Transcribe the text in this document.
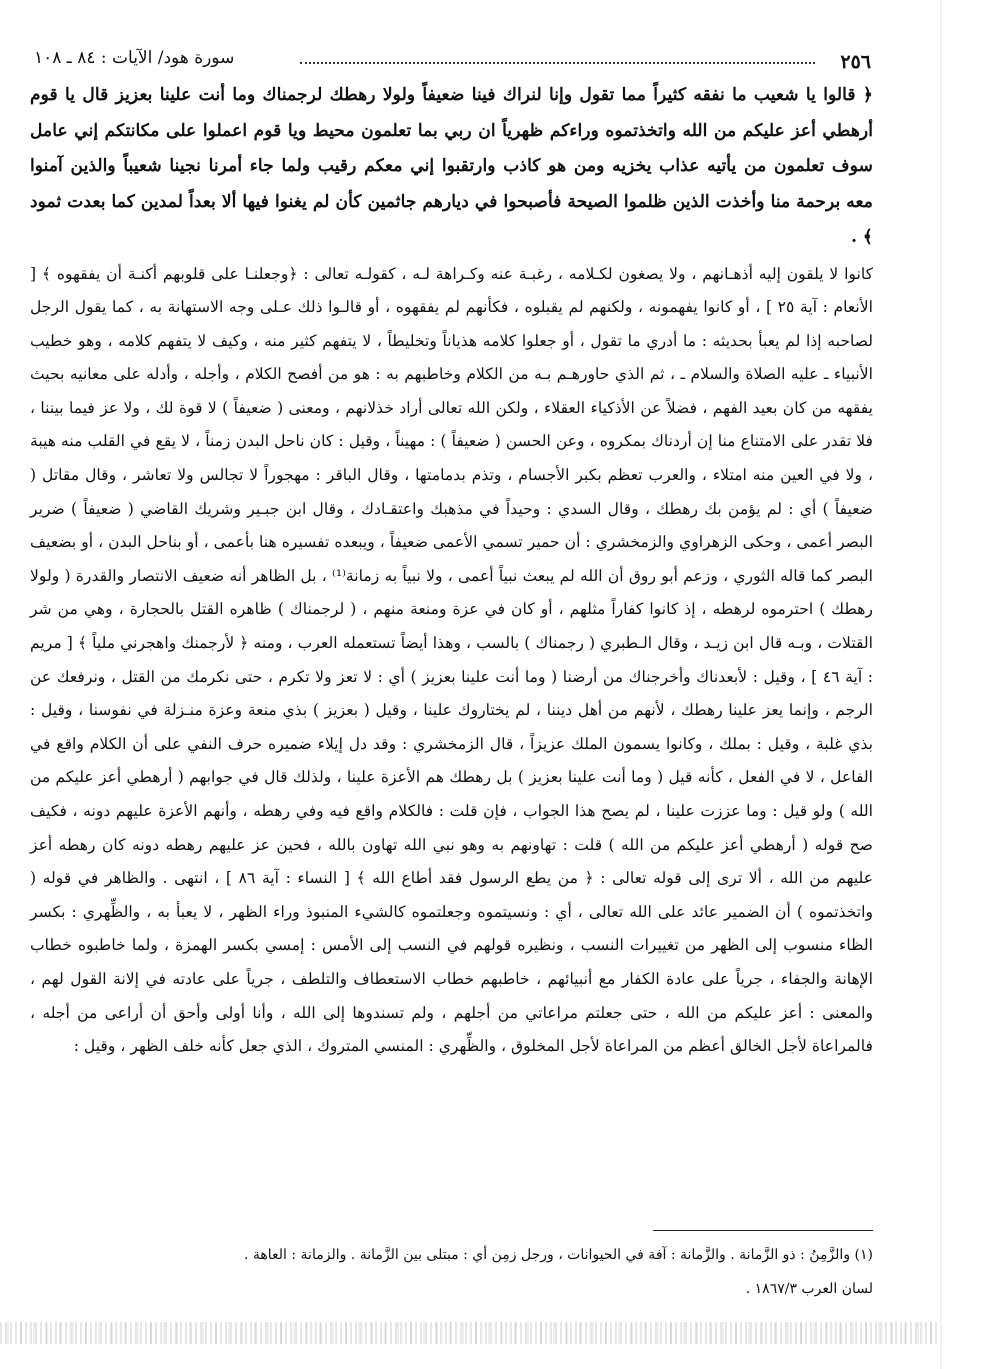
٢٥٦
سورة هود/ الآيات : ٨٤ ـ ١٠٨

﴿ قالوا يا شعيب ما نفقه كثيراً مما تقول وإنا لنراك فينا ضعيفاً ولولا رهطك لرجمناك وما أنت علينا بعزيز قال يا قوم أرهطي أعز عليكم من الله واتخذتموه وراءكم ظهرياً ان ربي بما تعلمون محيط ويا قوم اعملوا على مكانتكم إني عامل سوف تعلمون من يأتيه عذاب يخزيه ومن هو كاذب وارتقبوا إني معكم رقيب ولما جاء أمرنا نجينا شعيباً والذين آمنوا معه برحمة منا وأخذت الذين ظلموا الصيحة فأصبحوا في ديارهم جاثمين كأن لم يغنوا فيها ألا بعداً لمدين كما بعدت ثمود ﴾ .

كانوا لا يلقون إليه أذهـانهم ، ولا يصغون لكـلامه ، رغبـة عنه وكـراهة لـه ، كقولـه تعالى : ﴿وجعلنـا على قلوبهم أكنـة أن يفقهوه ﴾ [ الأنعام : آية ٢٥ ] ، أو كانوا يفهمونه ، ولكنهم لم يقبلوه ، فكأنهم لم يفقهوه ، أو قالـوا ذلك عـلى وجه الاستهانة به ، كما يقول الرجل لصاحبه إذا لم يعبأ بحديثه : ما أدري ما تقول ، أو جعلوا كلامه هذياناً وتخليطاً ، لا يتفهم كثير منه ، وكيف لا يتفهم كلامه ، وهو خطيب الأنبياء ـ عليه الصلاة والسلام ـ ، ثم الذي حاورهـم بـه من الكلام وخاطبهم به : هو من أفصح الكلام ، وأجله ، وأدله على معانيه بحيث يفقهه من كان بعيد الفهم ، فضلاً عن الأذكياء العقلاء ، ولكن الله تعالى أراد خذلانهم ، ومعنى ( ضعيفاً ) لا قوة لك ، ولا عز فيما بيننا ، فلا تقدر على الامتناع منا إن أردناك بمكروه ، وعن الحسن ( ضعيفاً ) : مهيناً ، وقيل : كان ناحل البدن زمناً ، لا يقع في القلب منه هيبة ، ولا في العين منه امتلاء ، والعرب تعظم بكبر الأجسام ، وتذم بدمامتها ، وقال الباقر : مهجوراً لا تجالس ولا تعاشر ، وقال مقاتل ( ضعيفاً ) أي : لم يؤمن بك رهطك ، وقال السدي : وحيداً في مذهبك واعتقـادك ، وقال ابن جبـير وشريك القاضي ( ضعيفاً ) ضرير البصر أعمى ، وحكى الزهراوي والزمخشري : أن حمير تسمي الأعمى ضعيفاً ، ويبعده تفسيره هنا بأعمى ، أو بناحل البدن ، أو بضعيف البصر كما قاله الثوري ، وزعم أبو روق أن الله لم يبعث نبياً أعمى ، ولا نبياً به زمانة⁽¹⁾ ، بل الظاهر أنه ضعيف الانتصار والقدرة ( ولولا رهطك ) احترموه لرهطه ، إذ كانوا كفاراً مثلهم ، أو كان في عزة ومنعة منهم ، ( لرجمناك ) ظاهره القتل بالحجارة ، وهي من شر القتلات ، وبـه قال ابن زيـد ، وقال الـطبري ( رجمناك ) بالسب ، وهذا أيضاً تستعمله العرب ، ومنه ﴿ لأرجمنك واهجرني ملياً ﴾ [ مريم : آية ٤٦ ] ، وقيل : لأبعدناك وأخرجناك من أرضنا ( وما أنت علينا بعزيز ) أي : لا تعز ولا تكرم ، حتى نكرمك من القتل ، ونرفعك عن الرجم ، وإنما يعز علينا رهطك ، لأنهم من أهل ديننا ، لم يختاروك علينا ، وقيل ( بعزيز ) بذي منعة وعزة منـزلة في نفوسنا ، وقيل : بذي غلبة ، وقيل : بملك ، وكانوا يسمون الملك عزيزاً ، قال الزمخشري : وقد دل إيلاء ضميره حرف النفي على أن الكلام واقع في الفاعل ، لا في الفعل ، كأنه قيل ( وما أنت علينا بعزيز ) بل رهطك هم الأعزة علينا ، ولذلك قال في جوابهم ( أرهطي أعز عليكم من الله ) ولو قيل : وما عززت علينا ، لم يصح هذا الجواب ، فإن قلت : فالكلام واقع فيه وفي رهطه ، وأنهم الأعزة عليهم دونه ، فكيف صح قوله ( أرهطي أعز عليكم من الله ) قلت : تهاونهم به وهو نبي الله تهاون بالله ، فحين عز عليهم رهطه دونه كان رهطه أعز عليهم من الله ، ألا ترى إلى قوله تعالى : ﴿ من يطع الرسول فقد أطاع الله ﴾ [ النساء : آية ٨٦ ] ، انتهى . والظاهر في قوله ( واتخذتموه ) أن الضمير عائد على الله تعالى ، أي : ونسيتموه وجعلتموه كالشيء المنبوذ وراء الظهر ، لا يعبأ به ، والظِّهري : بكسر الظاء منسوب إلى الظهر من تغييرات النسب ، ونظيره قولهم في النسب إلى الأمس : إمسي بكسر الهمزة ، ولما خاطبوه خطاب الإهانة والجفاء ، جرياً على عادة الكفار مع أنبيائهم ، خاطبهم خطاب الاستعطاف والتلطف ، جرياً على عادته في إلانة القول لهم ، والمعنى : أعز عليكم من الله ، حتى جعلتم مراعاتي من أجلهم ، ولم تسندوها إلى الله ، وأنا أولى وأحق أن أراعى من أجله ، فالمراعاة لأجل الخالق أعظم من المراعاة لأجل المخلوق ، والظِّهري : المنسي المتروك ، الذي جعل كأنه خلف الظهر ، وقيل :

(١) والزَّمِنُ : ذو الزَّمانة . والزَّمانة : آفة في الحيوانات ، ورجل زمِن أي : مبتلى بين الزَّمانة . والزمانة : العاهة .

لسان العرب ١٨٦٧/٣ .
